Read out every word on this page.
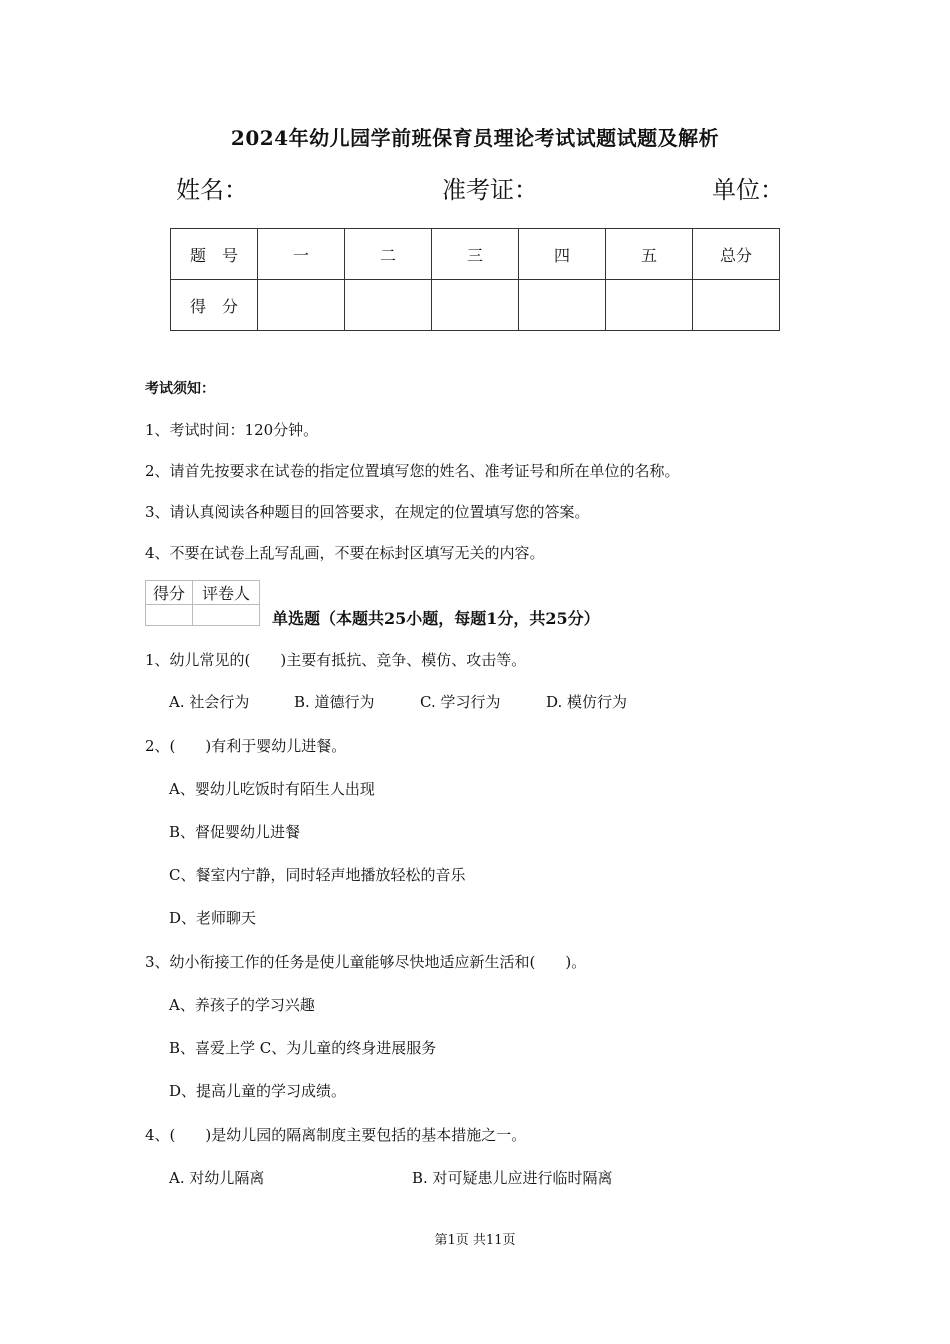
2024年幼儿园学前班保育员理论考试试题试题及解析
姓名：	准考证：	单位：
题　号	一	二	三	四	五	总分
得　分						
考试须知：
1、考试时间：120分钟。
2、请首先按要求在试卷的指定位置填写您的姓名、准考证号和所在单位的名称。
3、请认真阅读各种题目的回答要求，在规定的位置填写您的答案。
4、不要在试卷上乱写乱画，不要在标封区填写无关的内容。
得分	评卷人

单选题（本题共25小题，每题1分，共25分）
1、幼儿常见的(　　)主要有抵抗、竞争、模仿、攻击等。
A. 社会行为	B. 道德行为	C. 学习行为	D. 模仿行为
2、(　　)有利于婴幼儿进餐。
A、婴幼儿吃饭时有陌生人出现
B、督促婴幼儿进餐
C、餐室内宁静，同时轻声地播放轻松的音乐
D、老师聊天
3、幼小衔接工作的任务是使儿童能够尽快地适应新生活和(　　)。
A、养孩子的学习兴趣
B、喜爱上学 C、为儿童的终身进展服务
D、提高儿童的学习成绩。
4、(　　)是幼儿园的隔离制度主要包括的基本措施之一。
A. 对幼儿隔离	B. 对可疑患儿应进行临时隔离
第1页 共11页
